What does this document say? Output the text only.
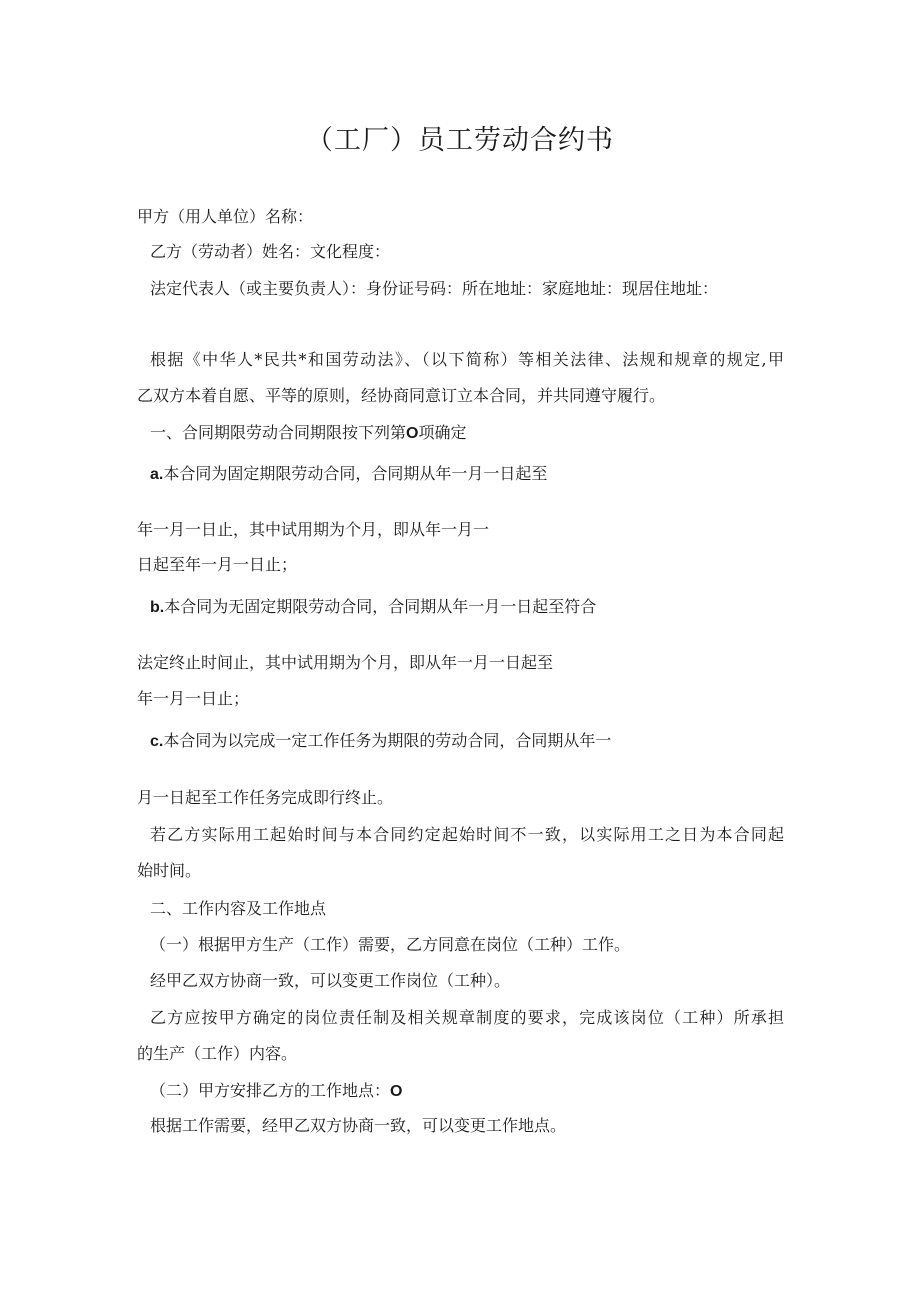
（工厂）员工劳动合约书
甲方（用人单位）名称：
乙方（劳动者）姓名：文化程度：
法定代表人（或主要负责人）：身份证号码：所在地址：家庭地址：现居住地址：
根据《中华人*民共*和国劳动法》、（以下简称）等相关法律、法规和规章的规定,甲
乙双方本着自愿、平等的原则，经协商同意订立本合同，并共同遵守履行。
一、合同期限劳动合同期限按下列第O项确定
a.本合同为固定期限劳动合同，合同期从年一月一日起至
年一月一日止，其中试用期为个月，即从年一月一
日起至年一月一日止；
b.本合同为无固定期限劳动合同，合同期从年一月一日起至符合
法定终止时间止，其中试用期为个月，即从年一月一日起至
年一月一日止；
c.本合同为以完成一定工作任务为期限的劳动合同，合同期从年一
月一日起至工作任务完成即行终止。
若乙方实际用工起始时间与本合同约定起始时间不一致，以实际用工之日为本合同起
始时间。
二、工作内容及工作地点
（一）根据甲方生产（工作）需要，乙方同意在岗位（工种）工作。
经甲乙双方协商一致，可以变更工作岗位（工种）。
乙方应按甲方确定的岗位责任制及相关规章制度的要求，完成该岗位（工种）所承担
的生产（工作）内容。
（二）甲方安排乙方的工作地点：O
根据工作需要，经甲乙双方协商一致，可以变更工作地点。
